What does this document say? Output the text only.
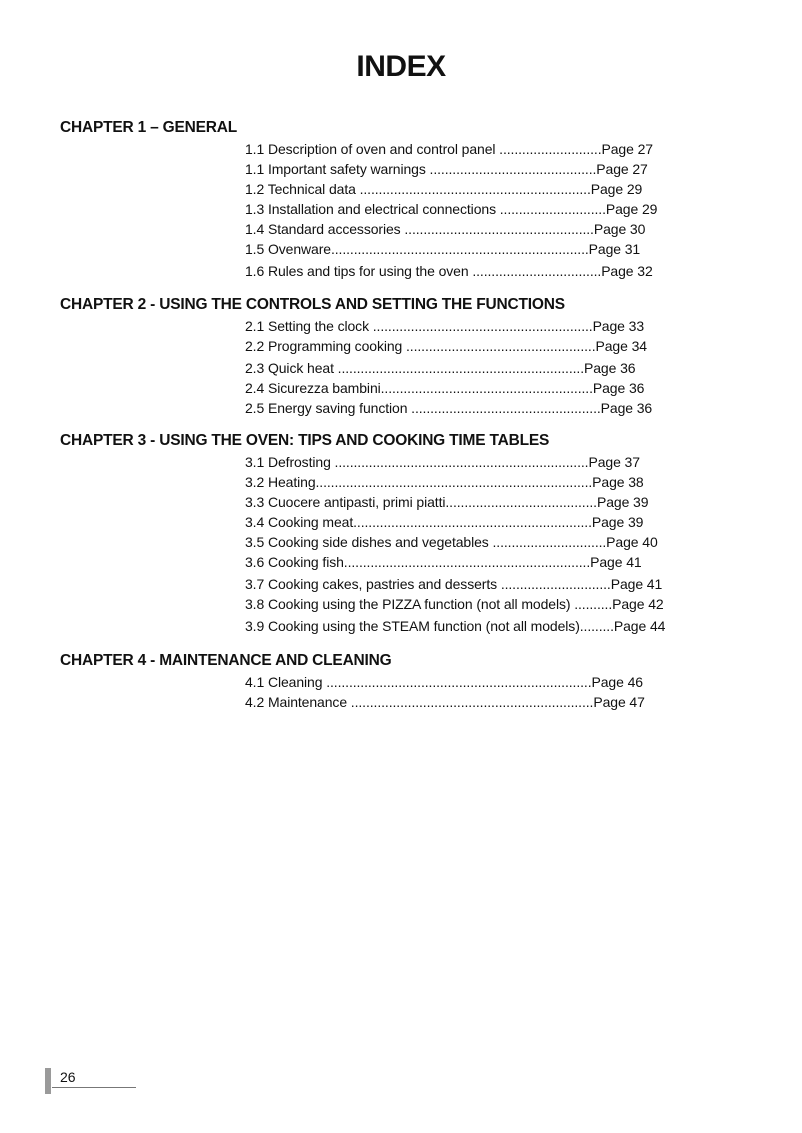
INDEX
CHAPTER 1 – GENERAL
1.1 Description of oven and control panel ...........................Page 27
1.1 Important safety warnings ............................................Page 27
1.2 Technical data .............................................................Page 29
1.3 Installation and electrical connections ............................Page 29
1.4 Standard accessories ..................................................Page 30
1.5 Ovenware....................................................................Page 31
1.6 Rules and tips for using the oven ..................................Page 32
CHAPTER 2 - USING THE CONTROLS AND SETTING THE FUNCTIONS
2.1 Setting the clock ..........................................................Page 33
2.2 Programming cooking ..................................................Page 34
2.3 Quick heat .................................................................Page 36
2.4 Sicurezza bambini........................................................Page 36
2.5 Energy saving function ..................................................Page 36
CHAPTER 3 - USING THE OVEN: TIPS AND COOKING TIME TABLES
3.1 Defrosting ...................................................................Page 37
3.2 Heating.........................................................................Page 38
3.3 Cuocere antipasti, primi piatti........................................Page 39
3.4 Cooking meat...............................................................Page 39
3.5 Cooking side dishes and vegetables ..............................Page 40
3.6 Cooking fish.................................................................Page 41
3.7 Cooking cakes, pastries and desserts .............................Page 41
3.8 Cooking using the PIZZA function (not all models) ..........Page 42
3.9 Cooking using the STEAM function (not all models).........Page 44
CHAPTER 4 - MAINTENANCE AND CLEANING
4.1 Cleaning ......................................................................Page 46
4.2 Maintenance ................................................................Page 47
26
